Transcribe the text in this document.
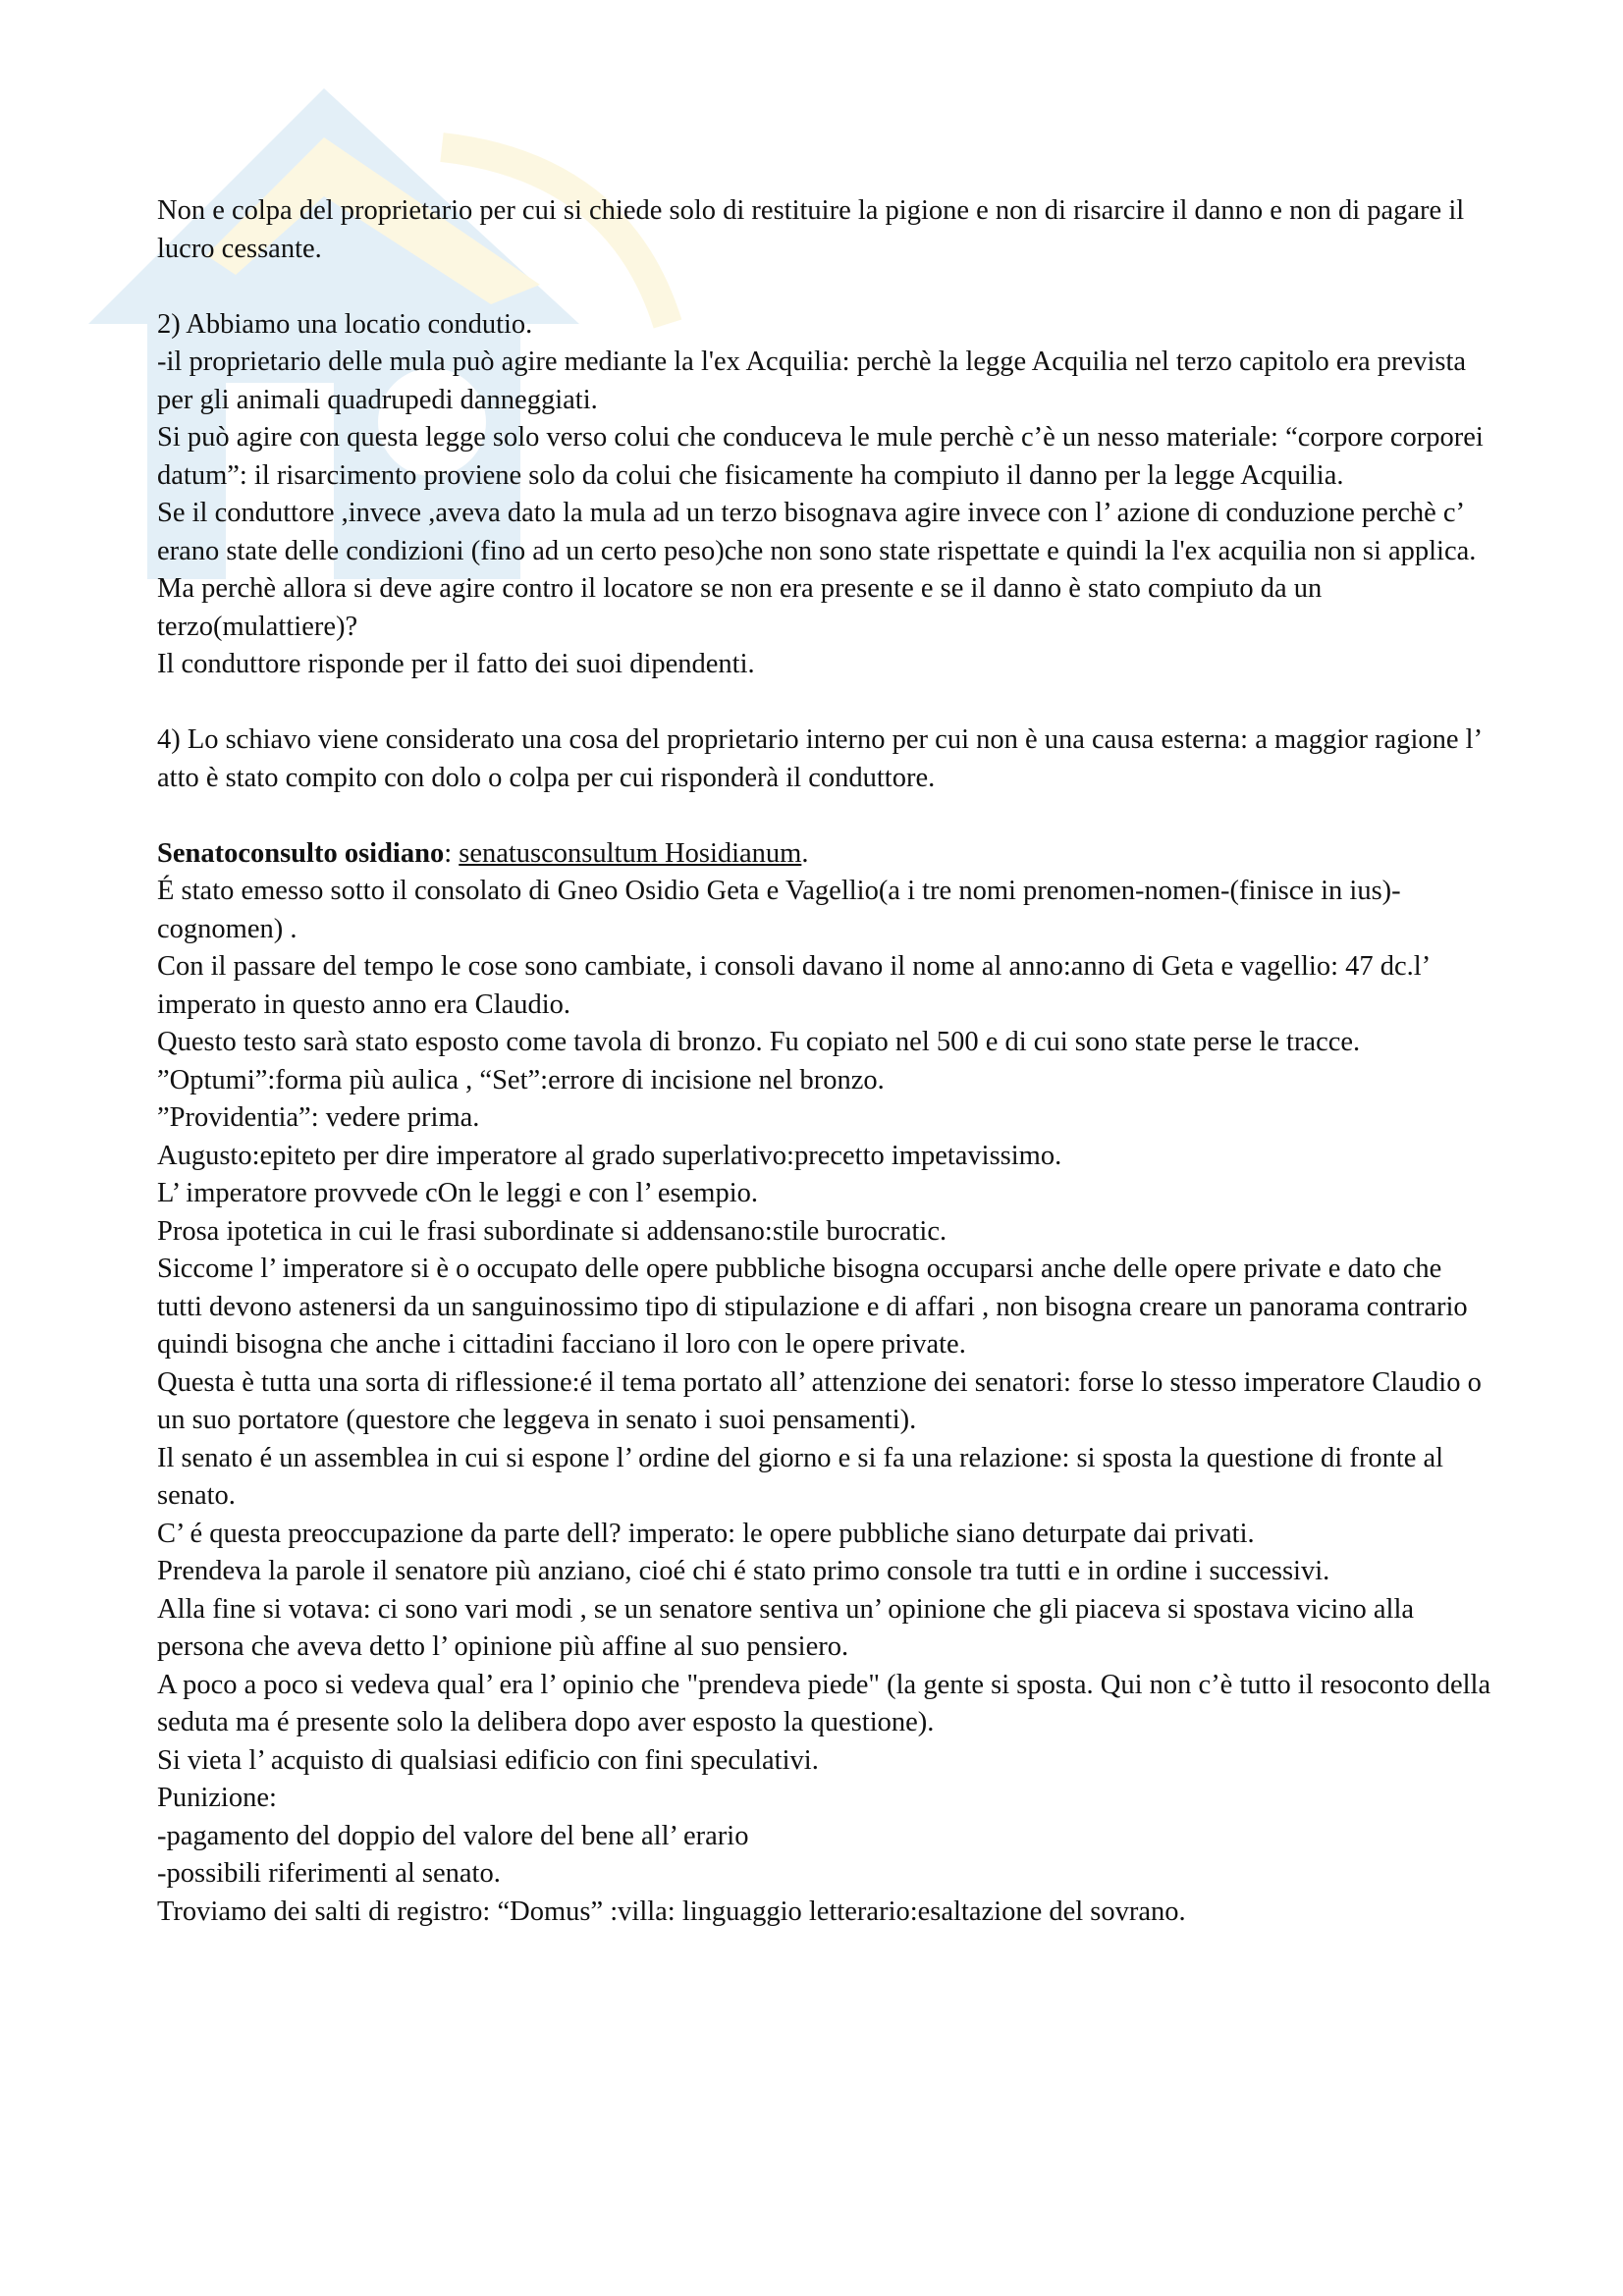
Non e colpa del proprietario per cui si chiede solo di restituire la pigione e non di risarcire il danno e non di pagare il lucro cessante.

2) Abbiamo una locatio condutio.

-il proprietario delle mula può agire mediante la l'ex Acquilia: perchè la legge Acquilia nel terzo capitolo era prevista per gli animali quadrupedi danneggiati.

Si può agire con questa legge solo verso colui che conduceva le mule perchè c’è un nesso materiale: “corpore corporei datum”: il risarcimento proviene solo da colui che fisicamente ha compiuto il danno per la legge Acquilia.

Se il conduttore ,invece ,aveva dato la mula ad un terzo bisognava agire invece con l’ azione di conduzione perchè c’ erano state delle condizioni (fino ad un certo peso)che non sono state rispettate e quindi la l'ex acquilia non si applica.

Ma perchè allora si deve agire contro il locatore se non era presente e se il danno è stato compiuto da un terzo(mulattiere)?

Il conduttore risponde per il fatto dei suoi dipendenti.

4) Lo schiavo viene considerato una cosa del proprietario interno per cui non è una causa esterna: a maggior ragione l’ atto è stato compito con dolo o colpa per cui risponderà il conduttore.

Senatoconsulto osidiano: senatusconsultum Hosidianum.

É stato emesso sotto il consolato di Gneo Osidio Geta e Vagellio(a i tre nomi prenomen-nomen-(finisce in ius)-cognomen) .

Con il passare del tempo le cose sono cambiate, i consoli davano il nome al anno:anno di Geta e vagellio: 47 dc.l’ imperato in questo anno era Claudio.

Questo testo sarà stato esposto come tavola di bronzo. Fu copiato nel 500 e di cui sono state perse le tracce.

”Optumi”:forma più aulica , “Set”:errore di incisione nel bronzo.

”Providentia”: vedere prima.

Augusto:epiteto per dire imperatore al grado superlativo:precetto impetavissimo.

L’ imperatore provvede cOn le leggi e con l’ esempio.

Prosa ipotetica in cui le frasi subordinate si addensano:stile burocratic.

Siccome l’ imperatore si è o occupato delle opere pubbliche bisogna occuparsi anche delle opere private e dato che tutti devono astenersi da un sanguinossimo tipo di stipulazione e di affari , non bisogna creare un panorama contrario quindi bisogna che anche i cittadini facciano il loro con le opere private.

Questa è tutta una sorta di riflessione:é il tema portato all’ attenzione dei senatori: forse lo stesso imperatore Claudio o un suo portatore (questore che leggeva in senato i suoi pensamenti).

Il senato é un assemblea in cui si espone l’ ordine del giorno e si fa una relazione: si sposta la questione di fronte al senato.

C’ é questa preoccupazione da parte dell? imperato: le opere pubbliche siano deturpate dai privati.

Prendeva la parole il senatore più anziano, cioé chi é stato primo console tra tutti e in ordine i successivi.

Alla fine si votava: ci sono vari modi , se un senatore sentiva un’ opinione che gli piaceva si spostava vicino alla persona che aveva detto l’ opinione più affine al suo pensiero.

A poco a poco si vedeva qual’ era l’ opinio che "prendeva piede" (la gente si sposta. Qui non c’è tutto il resoconto della seduta ma é presente solo la delibera dopo aver esposto la questione).

Si vieta l’ acquisto di qualsiasi edificio con fini speculativi.

Punizione:

-pagamento del doppio del valore del bene all’ erario

-possibili riferimenti al senato.

Troviamo dei salti di registro: “Domus” :villa: linguaggio letterario:esaltazione del sovrano.
